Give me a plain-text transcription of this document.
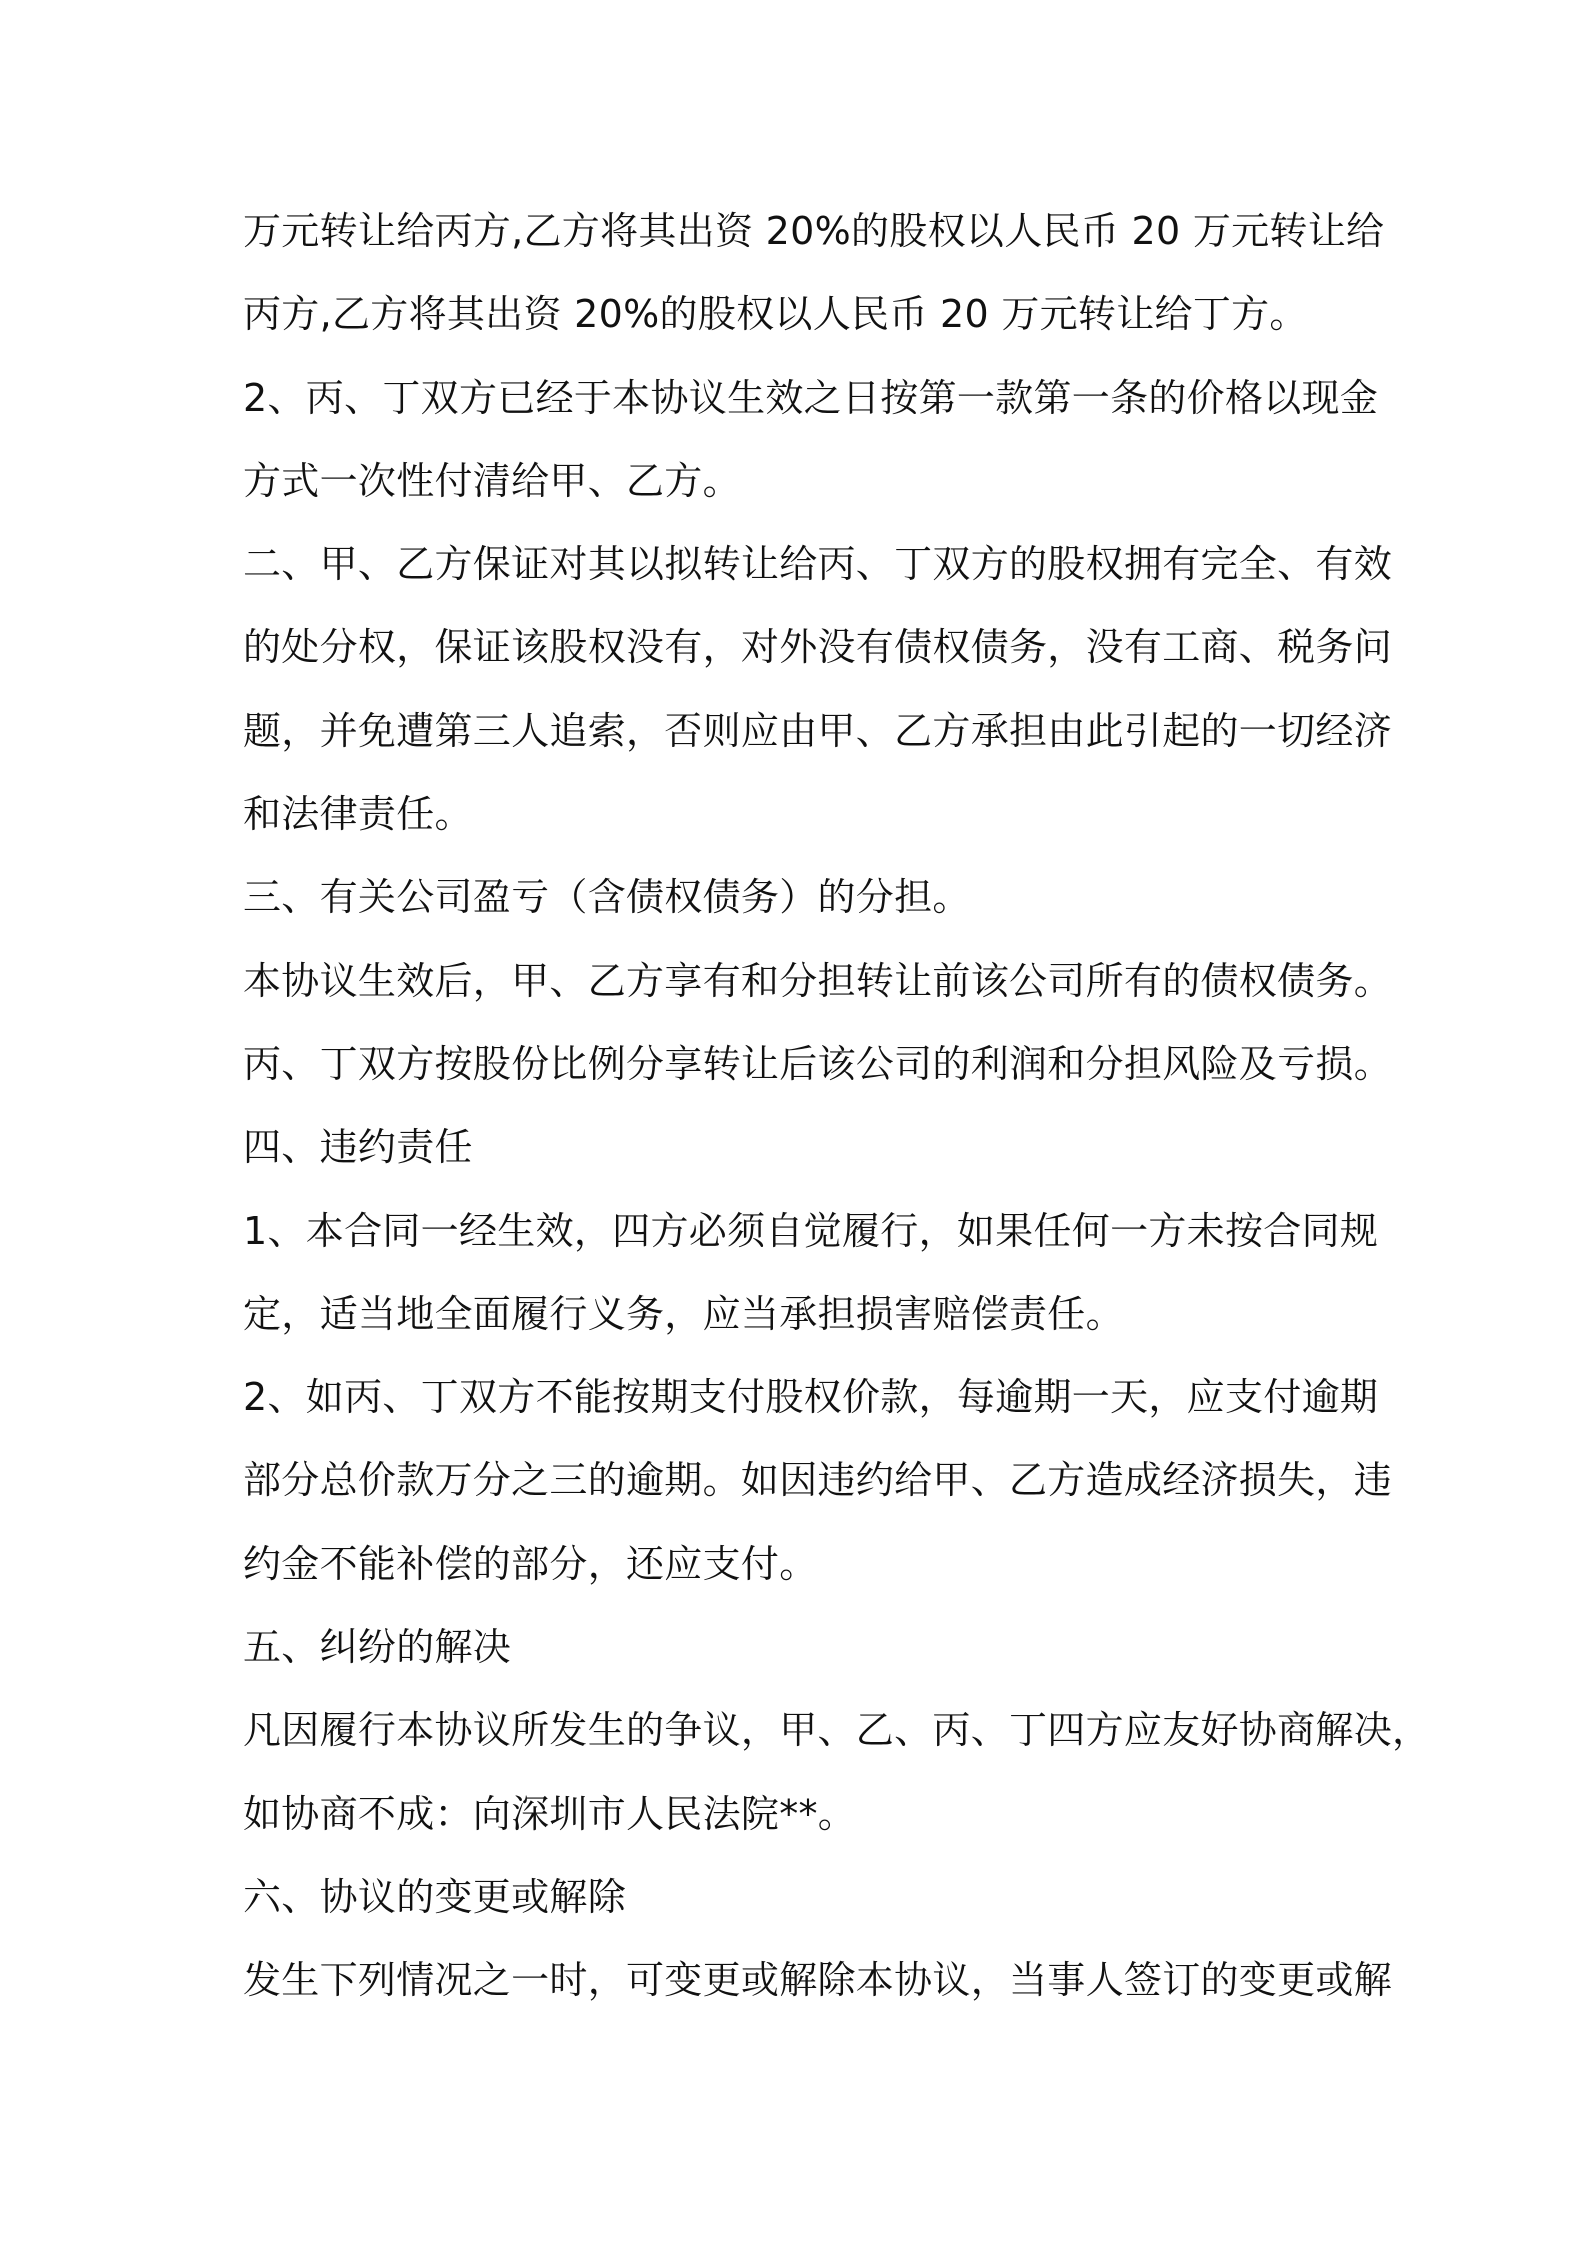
万元转让给丙方,乙方将其出资 20%的股权以人民币 20 万元转让给
丙方,乙方将其出资 20%的股权以人民币 20 万元转让给丁方。
2、丙、丁双方已经于本协议生效之日按第一款第一条的价格以现金
方式一次性付清给甲、乙方。
二、甲、乙方保证对其以拟转让给丙、丁双方的股权拥有完全、有效
的处分权，保证该股权没有，对外没有债权债务，没有工商、税务问
题，并免遭第三人追索，否则应由甲、乙方承担由此引起的一切经济
和法律责任。
三、有关公司盈亏（含债权债务）的分担。
本协议生效后，甲、乙方享有和分担转让前该公司所有的债权债务。
丙、丁双方按股份比例分享转让后该公司的利润和分担风险及亏损。
四、违约责任
1、本合同一经生效，四方必须自觉履行，如果任何一方未按合同规
定，适当地全面履行义务，应当承担损害赔偿责任。
2、如丙、丁双方不能按期支付股权价款，每逾期一天，应支付逾期
部分总价款万分之三的逾期。如因违约给甲、乙方造成经济损失，违
约金不能补偿的部分，还应支付。
五、纠纷的解决
凡因履行本协议所发生的争议，甲、乙、丙、丁四方应友好协商解决，
如协商不成：向深圳市人民法院**。
六、协议的变更或解除
发生下列情况之一时，可变更或解除本协议，当事人签订的变更或解
